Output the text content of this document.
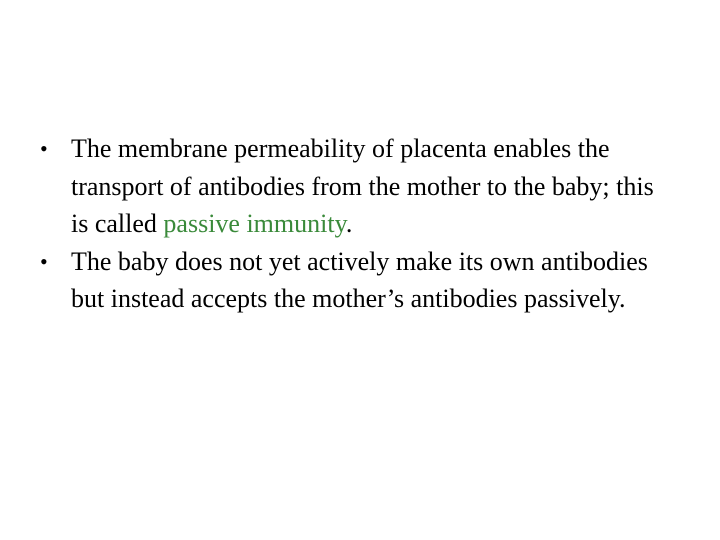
• The membrane permeability of placenta enables the transport of antibodies from the mother to the baby; this is called passive immunity.
• The baby does not yet actively make its own antibodies but instead accepts the mother’s antibodies passively.
